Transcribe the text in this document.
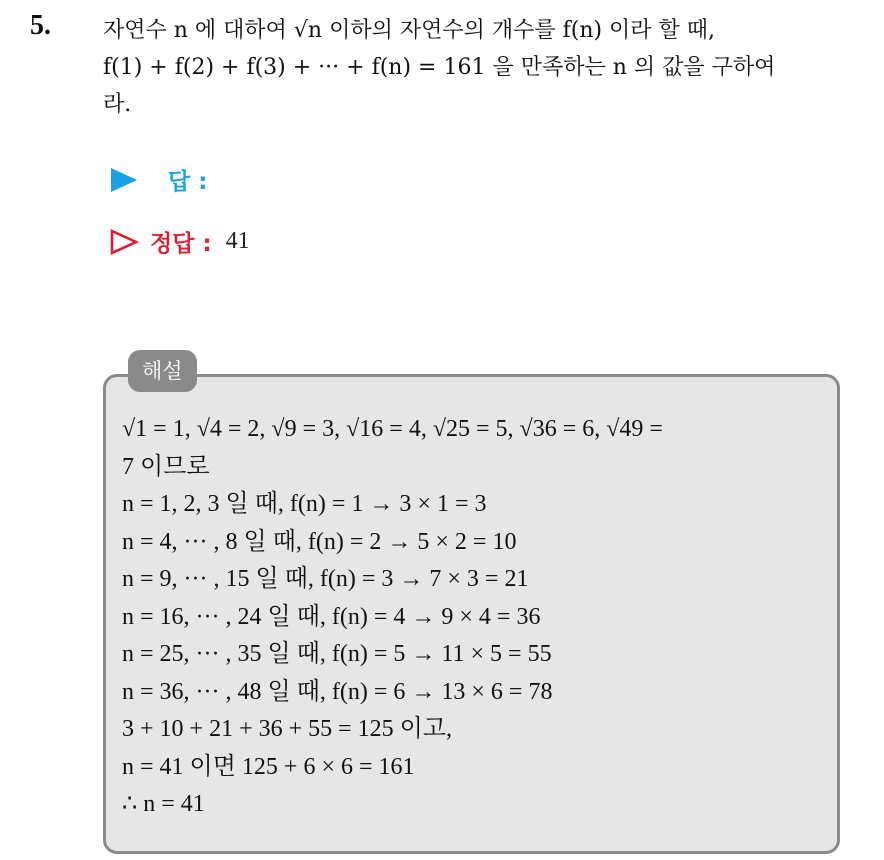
5. 자연수 n 에 대하여 √n 이하의 자연수의 개수를 f(n) 이라 할 때,
f(1) + f(2) + f(3) + ··· + f(n) = 161 을 만족하는 n 의 값을 구하여
라.
답 :
정답 : 41
해설
√1 = 1, √4 = 2, √9 = 3, √16 = 4, √25 = 5, √36 = 6, √49 =
7 이므로
n = 1, 2, 3 일 때, f(n) = 1 → 3 × 1 = 3
n = 4, ··· , 8 일 때, f(n) = 2 → 5 × 2 = 10
n = 9, ··· , 15 일 때, f(n) = 3 → 7 × 3 = 21
n = 16, ··· , 24 일 때, f(n) = 4 → 9 × 4 = 36
n = 25, ··· , 35 일 때, f(n) = 5 → 11 × 5 = 55
n = 36, ··· , 48 일 때, f(n) = 6 → 13 × 6 = 78
3 + 10 + 21 + 36 + 55 = 125 이고,
n = 41 이면 125 + 6 × 6 = 161
∴ n = 41
